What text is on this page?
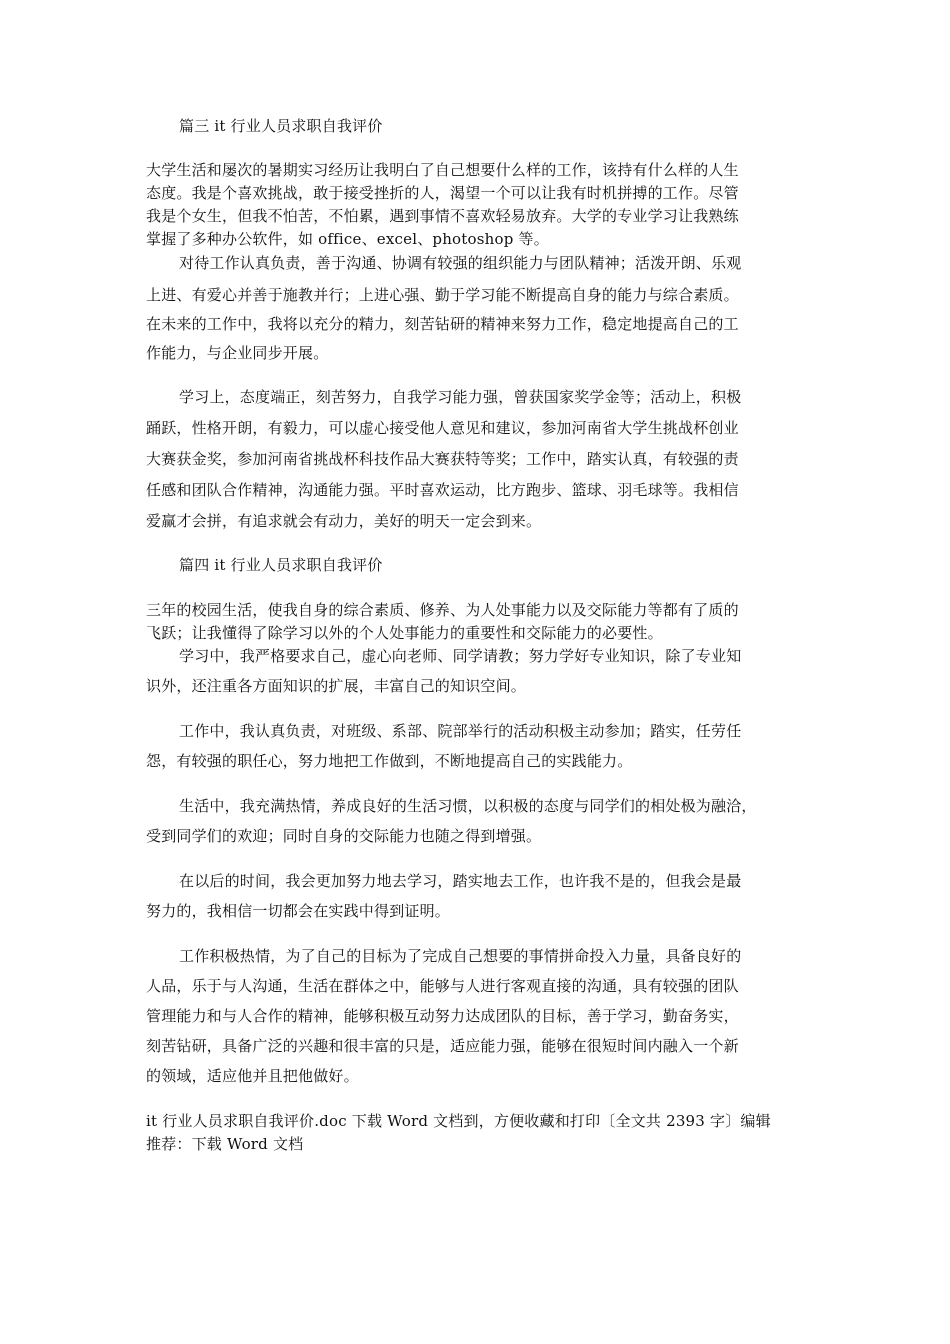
篇三 it 行业人员求职自我评价
大学生活和屡次的暑期实习经历让我明白了自己想要什么样的工作，该持有什么样的人生
态度。我是个喜欢挑战，敢于接受挫折的人，渴望一个可以让我有时机拼搏的工作。尽管
我是个女生，但我不怕苦，不怕累，遇到事情不喜欢轻易放弃。大学的专业学习让我熟练
掌握了多种办公软件，如 office、excel、photoshop 等。
对待工作认真负责，善于沟通、协调有较强的组织能力与团队精神；活泼开朗、乐观
上进、有爱心并善于施教并行；上进心强、勤于学习能不断提高自身的能力与综合素质。
在未来的工作中，我将以充分的精力，刻苦钻研的精神来努力工作，稳定地提高自己的工
作能力，与企业同步开展。
学习上，态度端正，刻苦努力，自我学习能力强，曾获国家奖学金等；活动上，积极
踊跃，性格开朗，有毅力，可以虚心接受他人意见和建议，参加河南省大学生挑战杯创业
大赛获金奖，参加河南省挑战杯科技作品大赛获特等奖；工作中，踏实认真，有较强的责
任感和团队合作精神，沟通能力强。平时喜欢运动，比方跑步、篮球、羽毛球等。我相信
爱赢才会拼，有追求就会有动力，美好的明天一定会到来。
篇四 it 行业人员求职自我评价
三年的校园生活，使我自身的综合素质、修养、为人处事能力以及交际能力等都有了质的
飞跃；让我懂得了除学习以外的个人处事能力的重要性和交际能力的必要性。
学习中，我严格要求自己，虚心向老师、同学请教；努力学好专业知识，除了专业知
识外，还注重各方面知识的扩展，丰富自己的知识空间。
工作中，我认真负责，对班级、系部、院部举行的活动积极主动参加；踏实，任劳任
怨，有较强的职任心，努力地把工作做到，不断地提高自己的实践能力。
生活中，我充满热情，养成良好的生活习惯，以积极的态度与同学们的相处极为融洽，
受到同学们的欢迎；同时自身的交际能力也随之得到增强。
在以后的时间，我会更加努力地去学习，踏实地去工作，也许我不是的，但我会是最
努力的，我相信一切都会在实践中得到证明。
工作积极热情，为了自己的目标为了完成自己想要的事情拼命投入力量，具备良好的
人品，乐于与人沟通，生活在群体之中，能够与人进行客观直接的沟通，具有较强的团队
管理能力和与人合作的精神，能够积极互动努力达成团队的目标，善于学习，勤奋务实，
刻苦钻研，具备广泛的兴趣和很丰富的只是，适应能力强，能够在很短时间内融入一个新
的领域，适应他并且把他做好。
it 行业人员求职自我评价.doc 下载 Word 文档到，方便收藏和打印〔全文共 2393 字〕编辑
推荐：下载 Word 文档
